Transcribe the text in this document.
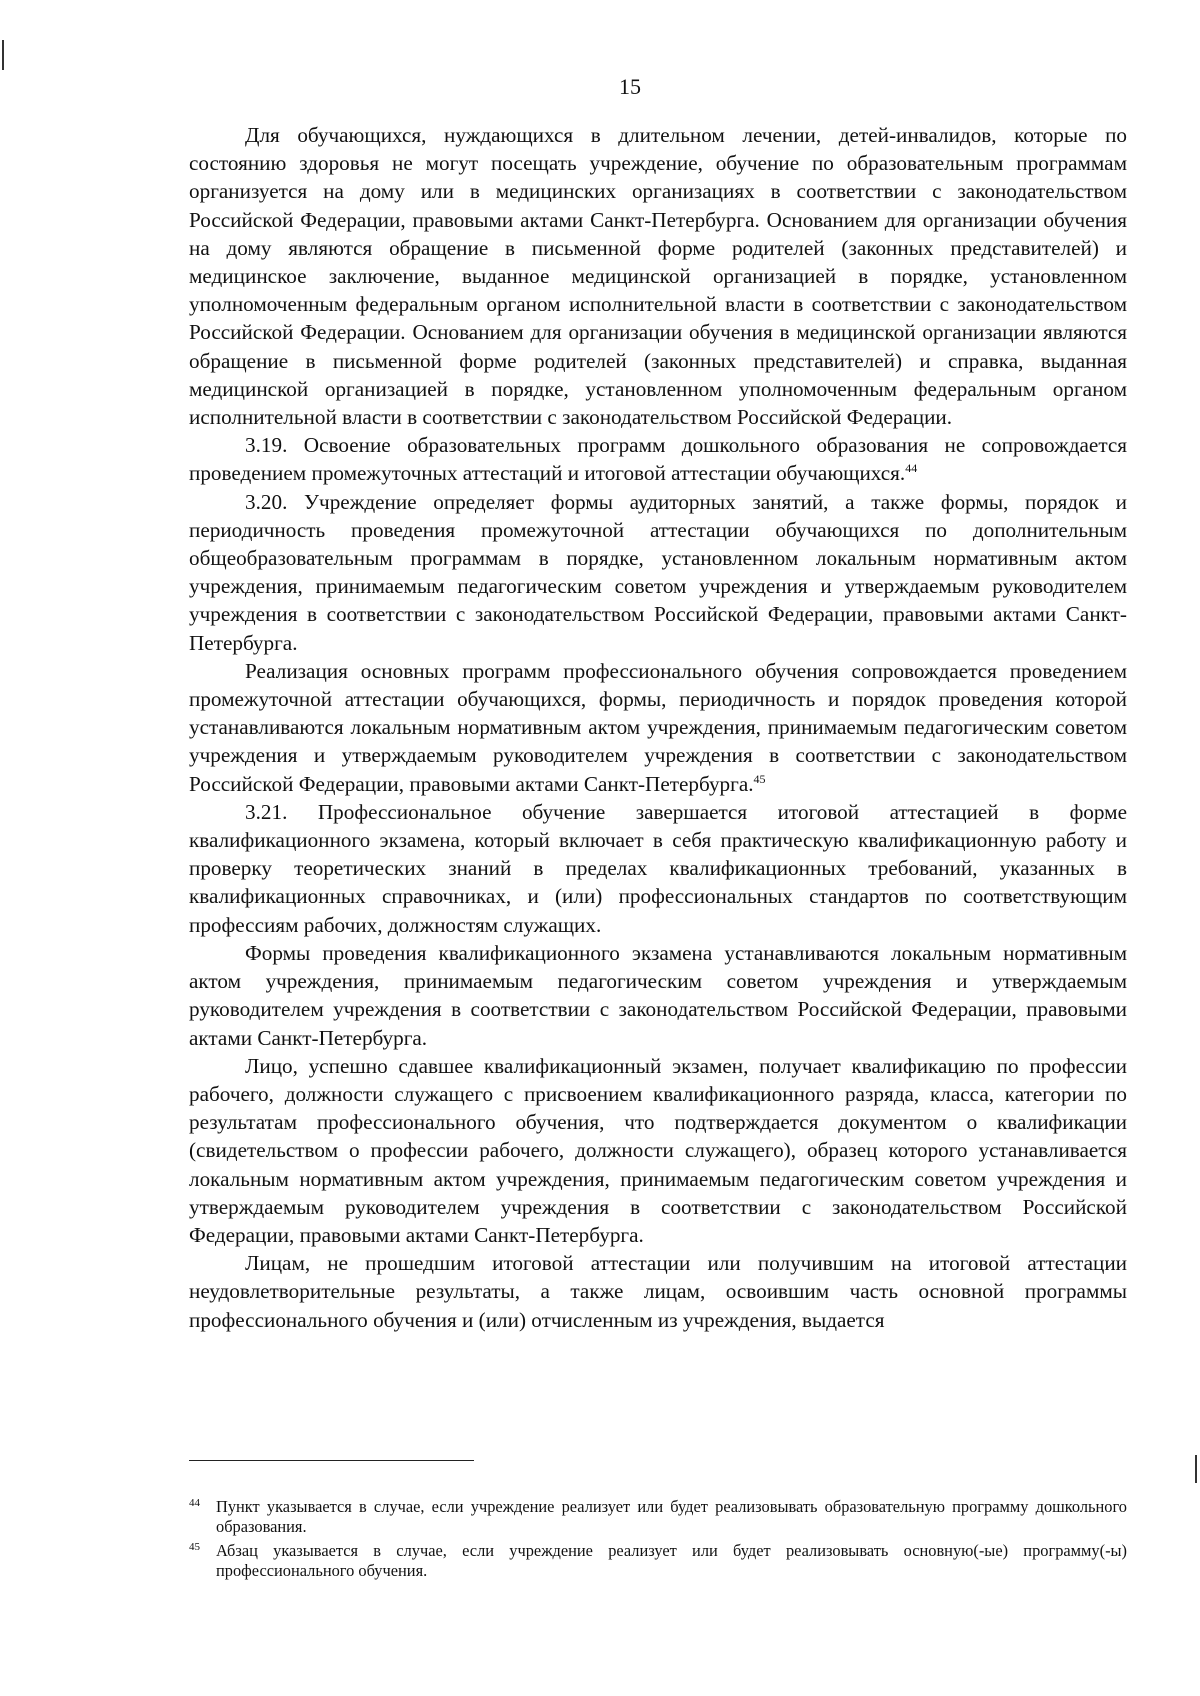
15

Для обучающихся, нуждающихся в длительном лечении, детей-инвалидов, которые по состоянию здоровья не могут посещать учреждение, обучение по образовательным программам организуется на дому или в медицинских организациях в соответствии с законодательством Российской Федерации, правовыми актами Санкт-Петербурга. Основанием для организации обучения на дому являются обращение в письменной форме родителей (законных представителей) и медицинское заключение, выданное медицинской организацией в порядке, установленном уполномоченным федеральным органом исполнительной власти в соответствии с законодательством Российской Федерации. Основанием для организации обучения в медицинской организации являются обращение в письменной форме родителей (законных представителей) и справка, выданная медицинской организацией в порядке, установленном уполномоченным федеральным органом исполнительной власти в соответствии с законодательством Российской Федерации.

3.19. Освоение образовательных программ дошкольного образования не сопровождается проведением промежуточных аттестаций и итоговой аттестации обучающихся.$^{44}$

3.20. Учреждение определяет формы аудиторных занятий, а также формы, порядок и периодичность проведения промежуточной аттестации обучающихся по дополнительным общеобразовательным программам в порядке, установленном локальным нормативным актом учреждения, принимаемым педагогическим советом учреждения и утверждаемым руководителем учреждения в соответствии с законодательством Российской Федерации, правовыми актами Санкт-Петербурга.

Реализация основных программ профессионального обучения сопровождается проведением промежуточной аттестации обучающихся, формы, периодичность и порядок проведения которой устанавливаются локальным нормативным актом учреждения, принимаемым педагогическим советом учреждения и утверждаемым руководителем учреждения в соответствии с законодательством Российской Федерации, правовыми актами Санкт-Петербурга.$^{45}$

3.21. Профессиональное обучение завершается итоговой аттестацией в форме квалификационного экзамена, который включает в себя практическую квалификационную работу и проверку теоретических знаний в пределах квалификационных требований, указанных в квалификационных справочниках, и (или) профессиональных стандартов по соответствующим профессиям рабочих, должностям служащих.

Формы проведения квалификационного экзамена устанавливаются локальным нормативным актом учреждения, принимаемым педагогическим советом учреждения и утверждаемым руководителем учреждения в соответствии с законодательством Российской Федерации, правовыми актами Санкт-Петербурга.

Лицо, успешно сдавшее квалификационный экзамен, получает квалификацию по профессии рабочего, должности служащего с присвоением квалификационного разряда, класса, категории по результатам профессионального обучения, что подтверждается документом о квалификации (свидетельством о профессии рабочего, должности служащего), образец которого устанавливается локальным нормативным актом учреждения, принимаемым педагогическим советом учреждения и утверждаемым руководителем учреждения в соответствии с законодательством Российской Федерации, правовыми актами Санкт-Петербурга.

Лицам, не прошедшим итоговой аттестации или получившим на итоговой аттестации неудовлетворительные результаты, а также лицам, освоившим часть основной программы профессионального обучения и (или) отчисленным из учреждения, выдается

44 Пункт указывается в случае, если учреждение реализует или будет реализовывать образовательную программу дошкольного образования.
45 Абзац указывается в случае, если учреждение реализует или будет реализовывать основную(-ые) программу(-ы) профессионального обучения.
